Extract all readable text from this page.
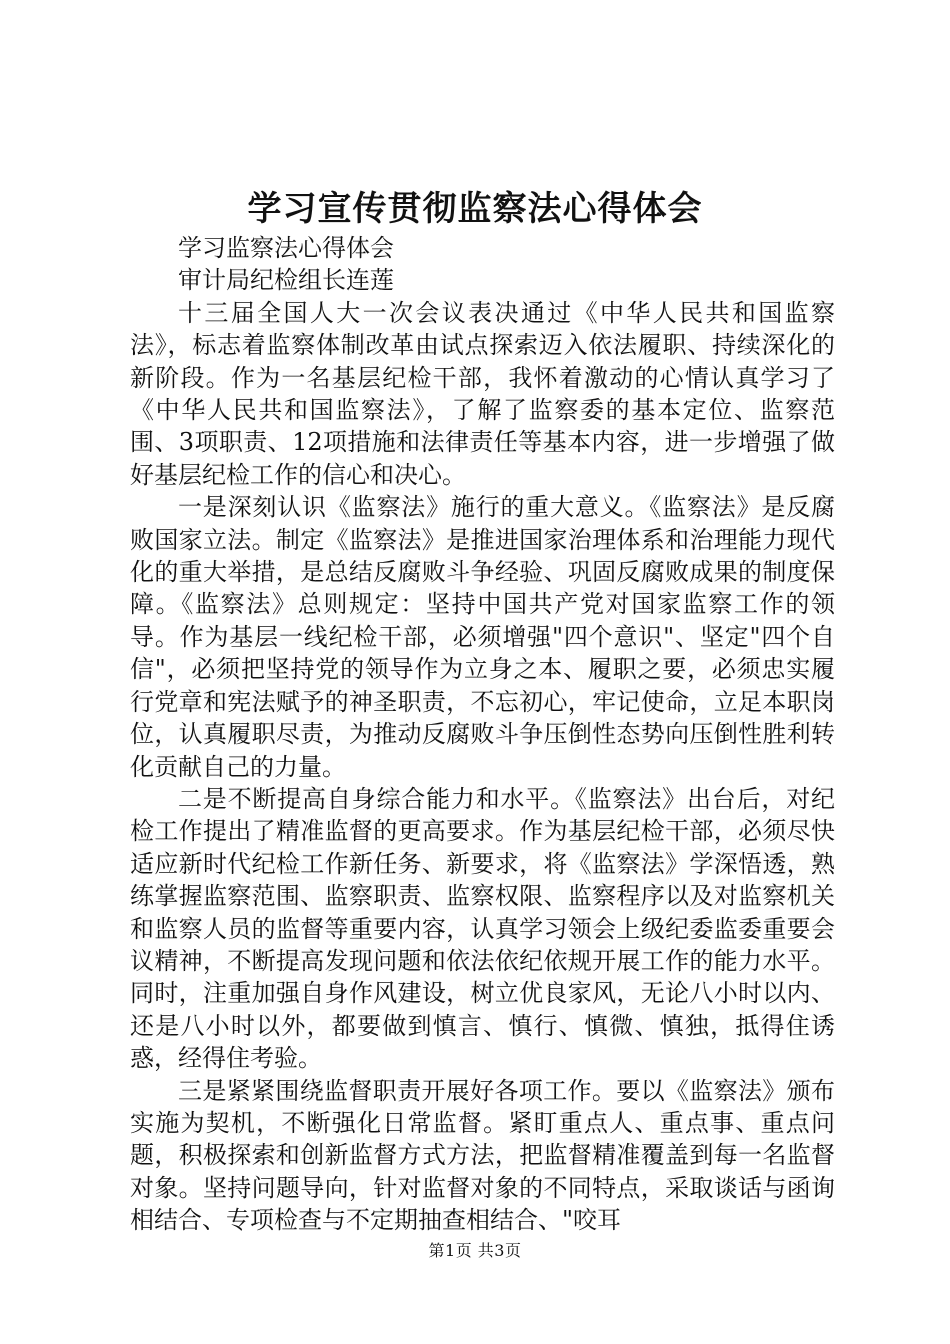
学习宣传贯彻监察法心得体会

学习监察法心得体会

审计局纪检组长连莲

十三届全国人大一次会议表决通过《中华人民共和国监察法》，标志着监察体制改革由试点探索迈入依法履职、持续深化的新阶段。作为一名基层纪检干部，我怀着激动的心情认真学习了《中华人民共和国监察法》，了解了监察委的基本定位、监察范围、3项职责、12项措施和法律责任等基本内容，进一步增强了做好基层纪检工作的信心和决心。

一是深刻认识《监察法》施行的重大意义。《监察法》是反腐败国家立法。制定《监察法》是推进国家治理体系和治理能力现代化的重大举措，是总结反腐败斗争经验、巩固反腐败成果的制度保障。《监察法》总则规定：坚持中国共产党对国家监察工作的领导。作为基层一线纪检干部，必须增强"四个意识"、坚定"四个自信"，必须把坚持党的领导作为立身之本、履职之要，必须忠实履行党章和宪法赋予的神圣职责，不忘初心，牢记使命，立足本职岗位，认真履职尽责，为推动反腐败斗争压倒性态势向压倒性胜利转化贡献自己的力量。

二是不断提高自身综合能力和水平。《监察法》出台后，对纪检工作提出了精准监督的更高要求。作为基层纪检干部，必须尽快适应新时代纪检工作新任务、新要求，将《监察法》学深悟透，熟练掌握监察范围、监察职责、监察权限、监察程序以及对监察机关和监察人员的监督等重要内容，认真学习领会上级纪委监委重要会议精神，不断提高发现问题和依法依纪依规开展工作的能力水平。同时，注重加强自身作风建设，树立优良家风，无论八小时以内、还是八小时以外，都要做到慎言、慎行、慎微、慎独，抵得住诱惑，经得住考验。

三是紧紧围绕监督职责开展好各项工作。要以《监察法》颁布实施为契机，不断强化日常监督。紧盯重点人、重点事、重点问题，积极探索和创新监督方式方法，把监督精准覆盖到每一名监督对象。坚持问题导向，针对监督对象的不同特点，采取谈话与函询相结合、专项检查与不定期抽查相结合、"咬耳

第1页 共3页
